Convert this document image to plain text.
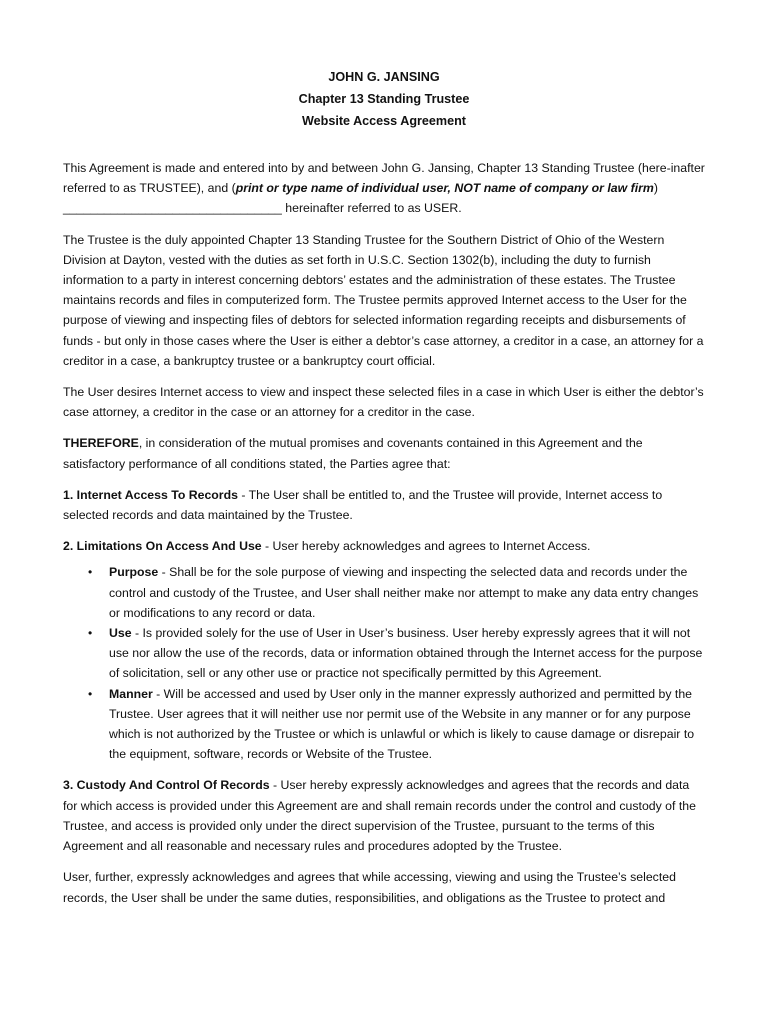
JOHN G. JANSING
Chapter 13 Standing Trustee
Website Access Agreement

This Agreement is made and entered into by and between John G. Jansing, Chapter 13 Standing Trustee (here-inafter referred to as TRUSTEE), and (print or type name of individual user, NOT name of company or law firm)
________________________________ hereinafter referred to as USER.

The Trustee is the duly appointed Chapter 13 Standing Trustee for the Southern District of Ohio of the Western Division at Dayton, vested with the duties as set forth in U.S.C. Section 1302(b), including the duty to furnish information to a party in interest concerning debtors’ estates and the administration of these estates. The Trustee maintains records and files in computerized form. The Trustee permits approved Internet access to the User for the purpose of viewing and inspecting files of debtors for selected information regarding receipts and disbursements of funds - but only in those cases where the User is either a debtor’s case attorney, a creditor in a case, an attorney for a creditor in a case, a bankruptcy trustee or a bankruptcy court official.

The User desires Internet access to view and inspect these selected files in a case in which User is either the debtor’s case attorney, a creditor in the case or an attorney for a creditor in the case.

THEREFORE, in consideration of the mutual promises and covenants contained in this Agreement and the satisfactory performance of all conditions stated, the Parties agree that:

1. Internet Access To Records - The User shall be entitled to, and the Trustee will provide, Internet access to selected records and data maintained by the Trustee.

2. Limitations On Access And Use - User hereby acknowledges and agrees to Internet Access.

• Purpose - Shall be for the sole purpose of viewing and inspecting the selected data and records under the control and custody of the Trustee, and User shall neither make nor attempt to make any data entry changes or modifications to any record or data.
• Use - Is provided solely for the use of User in User’s business. User hereby expressly agrees that it will not use nor allow the use of the records, data or information obtained through the Internet access for the purpose of solicitation, sell or any other use or practice not specifically permitted by this Agreement.
• Manner - Will be accessed and used by User only in the manner expressly authorized and permitted by the Trustee. User agrees that it will neither use nor permit use of the Website in any manner or for any purpose which is not authorized by the Trustee or which is unlawful or which is likely to cause damage or disrepair to the equipment, software, records or Website of the Trustee.

3. Custody And Control Of Records - User hereby expressly acknowledges and agrees that the records and data for which access is provided under this Agreement are and shall remain records under the control and custody of the Trustee, and access is provided only under the direct supervision of the Trustee, pursuant to the terms of this Agreement and all reasonable and necessary rules and procedures adopted by the Trustee.

User, further, expressly acknowledges and agrees that while accessing, viewing and using the Trustee’s selected records, the User shall be under the same duties, responsibilities, and obligations as the Trustee to protect and
